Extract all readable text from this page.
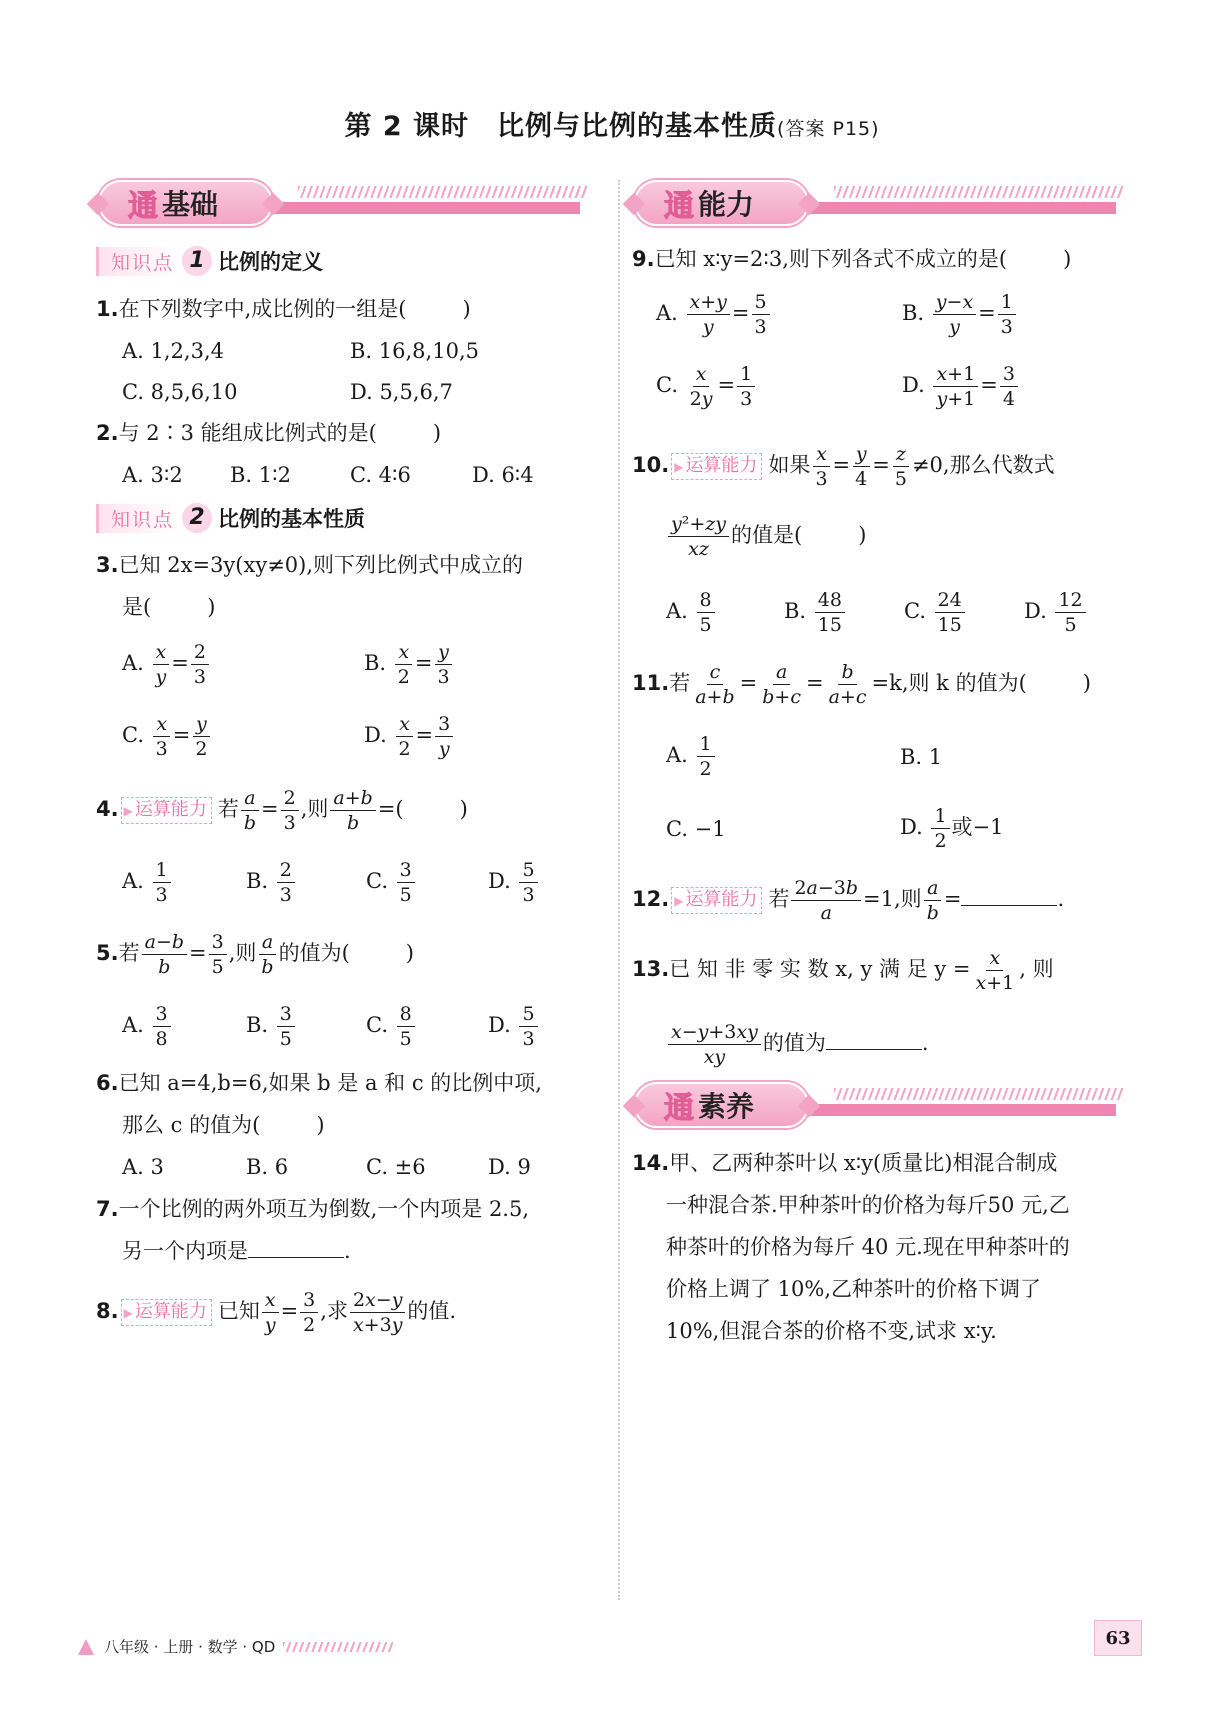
第 2 课时　比例与比例的基本性质(答案 P15)
通 基础
知识点 1 比例的定义
1.在下列数字中,成比例的一组是(	)
A. 1,2,3,4	B. 16,8,10,5
C. 8,5,6,10	D. 5,5,6,7
2.与 2∶3 能组成比例式的是(	)
A. 3∶2 B. 1∶2	C. 4∶6	D. 6∶4
知识点 2 比例的基本性质
3.已知 2x=3y(xy≠0),则下列比例式中成立的
是(	)
A. $\frac{x}{y} = \frac{2}{3}$	B. $\frac{x}{2} = \frac{y}{3}$
C. $\frac{x}{3} = \frac{y}{2}$	D. $\frac{x}{2} = \frac{3}{y}$
4. ▶ 运算能力 若 $\frac{a}{b} = \frac{2}{3}$ ,则 $\frac{a+b}{b}$ =(	)
A. $\frac{1}{3}$	B. $\frac{2}{3}$	C. $\frac{3}{5}$	D. $\frac{5}{3}$
5.若 $\frac{a-b}{b} = \frac{3}{5}$ ,则 $\frac{a}{b}$ 的值为(	)
A. $\frac{3}{8}$	B. $\frac{3}{5}$	C. $\frac{8}{5}$	D. $\frac{5}{3}$
6.已知 a=4,b=6,如果 b 是 a 和 c 的比例中项,
那么 c 的值为(	)
A. 3	B. 6	C. ±6	D. 9
7.一个比例的两外项互为倒数,一个内项是 2.5,
另一个内项是	.
8. ▶ 运算能力 已知 $\frac{x}{y} = \frac{3}{2}$ ,求 $\frac{2x-y}{x+3y}$ 的值.
通 能力
9.已知 x∶y=2∶3,则下列各式不成立的是(	)
A. $\frac{x+y}{y} = \frac{5}{3}$	B. $\frac{y-x}{y} = \frac{1}{3}$
C. $\frac{x}{2y} = \frac{1}{3}$	D. $\frac{x+1}{y+1} = \frac{3}{4}$
10. ▶ 运算能力 如果 $\frac{x}{3} = \frac{y}{4} = \frac{z}{5} \ne 0$,那么代数式
$\frac{\text{y²+zy}}{xz}$ 的值是(	)
A. $\frac{8}{5}$	B. $\frac{48}{15}$	C. $\frac{24}{15}$	D. $\frac{12}{5}$
11.若 $\frac{c}{a+b} = \frac{a}{b+c} = \frac{b}{a+c} =k$,则 k 的值为(	)
A. $\frac{1}{2}$	B. 1
C. −1	D. $\frac{1}{2}$ 或−1
12. ▶ 运算能力 若 $\frac{2a-3b}{a} =1$,则 $\frac{a}{b}$ =	.
13.已 知 非 零 实 数 x, y 满 足 $y = \frac{x}{x+1}$ , 则
$\frac{x-y+3xy}{xy}$ 的值为	.
通 素养
14.甲、乙两种茶叶以 x∶y(质量比)相混合制成
一种混合茶.甲种茶叶的价格为每斤50 元,乙
种茶叶的价格为每斤 40 元.现在甲种茶叶的
价格上调了 10%,乙种茶叶的价格下调了
10%,但混合茶的价格不变,试求 x∶y.
八年级 · 上册 · 数学 · QD	63
